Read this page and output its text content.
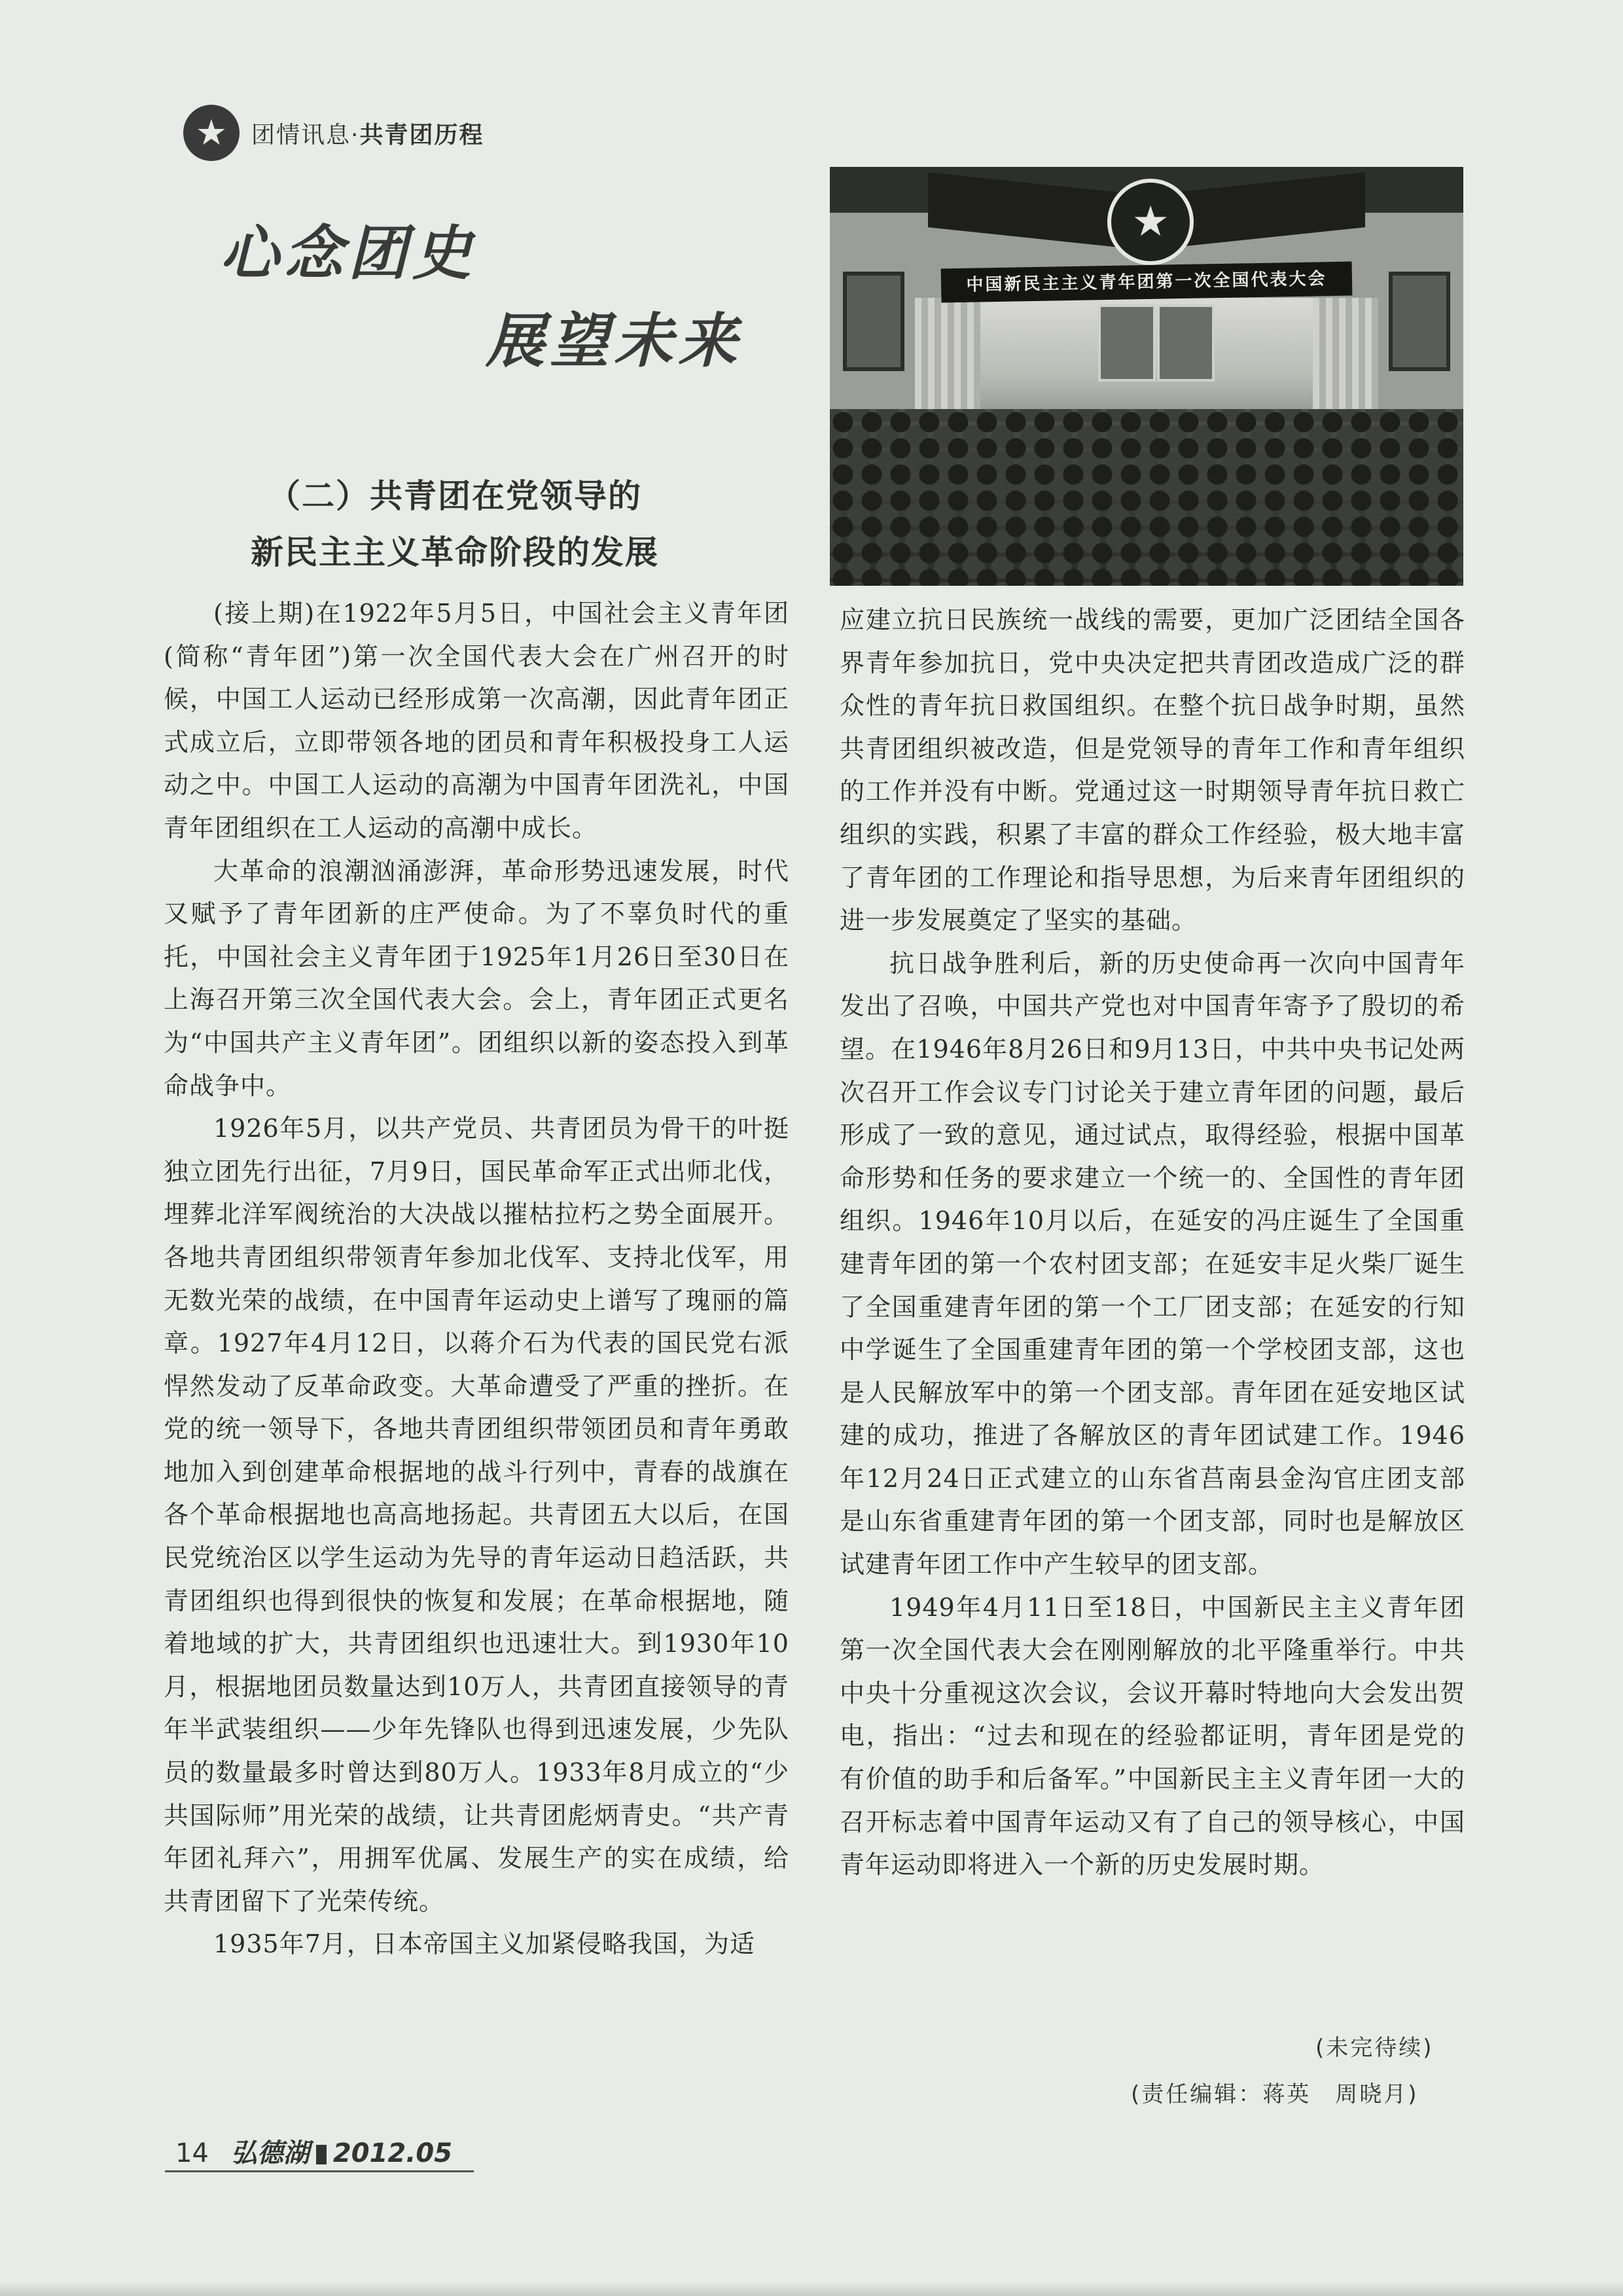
★ 团情讯息·共青团历程
心念团史
展望未来
（二）共青团在党领导的
新民主主义革命阶段的发展
★
中国新民主主义青年团第一次全国代表大会

(接上期)在1922年5月5日，中国社会主义青年团(简称“青年团”)第一次全国代表大会在广州召开的时候，中国工人运动已经形成第一次高潮，因此青年团正式成立后，立即带领各地的团员和青年积极投身工人运动之中。中国工人运动的高潮为中国青年团洗礼，中国青年团组织在工人运动的高潮中成长。

大革命的浪潮汹涌澎湃，革命形势迅速发展，时代又赋予了青年团新的庄严使命。为了不辜负时代的重托，中国社会主义青年团于1925年1月26日至30日在上海召开第三次全国代表大会。会上，青年团正式更名为“中国共产主义青年团”。团组织以新的姿态投入到革命战争中。

1926年5月，以共产党员、共青团员为骨干的叶挺独立团先行出征，7月9日，国民革命军正式出师北伐，埋葬北洋军阀统治的大决战以摧枯拉朽之势全面展开。各地共青团组织带领青年参加北伐军、支持北伐军，用无数光荣的战绩，在中国青年运动史上谱写了瑰丽的篇章。1927年4月12日，以蒋介石为代表的国民党右派悍然发动了反革命政变。大革命遭受了严重的挫折。在党的统一领导下，各地共青团组织带领团员和青年勇敢地加入到创建革命根据地的战斗行列中，青春的战旗在各个革命根据地也高高地扬起。共青团五大以后，在国民党统治区以学生运动为先导的青年运动日趋活跃，共青团组织也得到很快的恢复和发展；在革命根据地，随着地域的扩大，共青团组织也迅速壮大。到1930年10月，根据地团员数量达到10万人，共青团直接领导的青年半武装组织——少年先锋队也得到迅速发展，少先队员的数量最多时曾达到80万人。1933年8月成立的“少共国际师”用光荣的战绩，让共青团彪炳青史。“共产青年团礼拜六”，用拥军优属、发展生产的实在成绩，给共青团留下了光荣传统。

1935年7月，日本帝国主义加紧侵略我国，为适

应建立抗日民族统一战线的需要，更加广泛团结全国各界青年参加抗日，党中央决定把共青团改造成广泛的群众性的青年抗日救国组织。在整个抗日战争时期，虽然共青团组织被改造，但是党领导的青年工作和青年组织的工作并没有中断。党通过这一时期领导青年抗日救亡组织的实践，积累了丰富的群众工作经验，极大地丰富了青年团的工作理论和指导思想，为后来青年团组织的进一步发展奠定了坚实的基础。

抗日战争胜利后，新的历史使命再一次向中国青年发出了召唤，中国共产党也对中国青年寄予了殷切的希望。在1946年8月26日和9月13日，中共中央书记处两次召开工作会议专门讨论关于建立青年团的问题，最后形成了一致的意见，通过试点，取得经验，根据中国革命形势和任务的要求建立一个统一的、全国性的青年团组织。1946年10月以后，在延安的冯庄诞生了全国重建青年团的第一个农村团支部；在延安丰足火柴厂诞生了全国重建青年团的第一个工厂团支部；在延安的行知中学诞生了全国重建青年团的第一个学校团支部，这也是人民解放军中的第一个团支部。青年团在延安地区试建的成功，推进了各解放区的青年团试建工作。1946年12月24日正式建立的山东省莒南县金沟官庄团支部是山东省重建青年团的第一个团支部，同时也是解放区试建青年团工作中产生较早的团支部。

1949年4月11日至18日，中国新民主主义青年团第一次全国代表大会在刚刚解放的北平隆重举行。中共中央十分重视这次会议，会议开幕时特地向大会发出贺电，指出：“过去和现在的经验都证明，青年团是党的有价值的助手和后备军。”中国新民主主义青年团一大的召开标志着中国青年运动又有了自己的领导核心，中国青年运动即将进入一个新的历史发展时期。

(未完待续)
(责任编辑：蒋英　周晓月)
14 弘德湖 2012.05
